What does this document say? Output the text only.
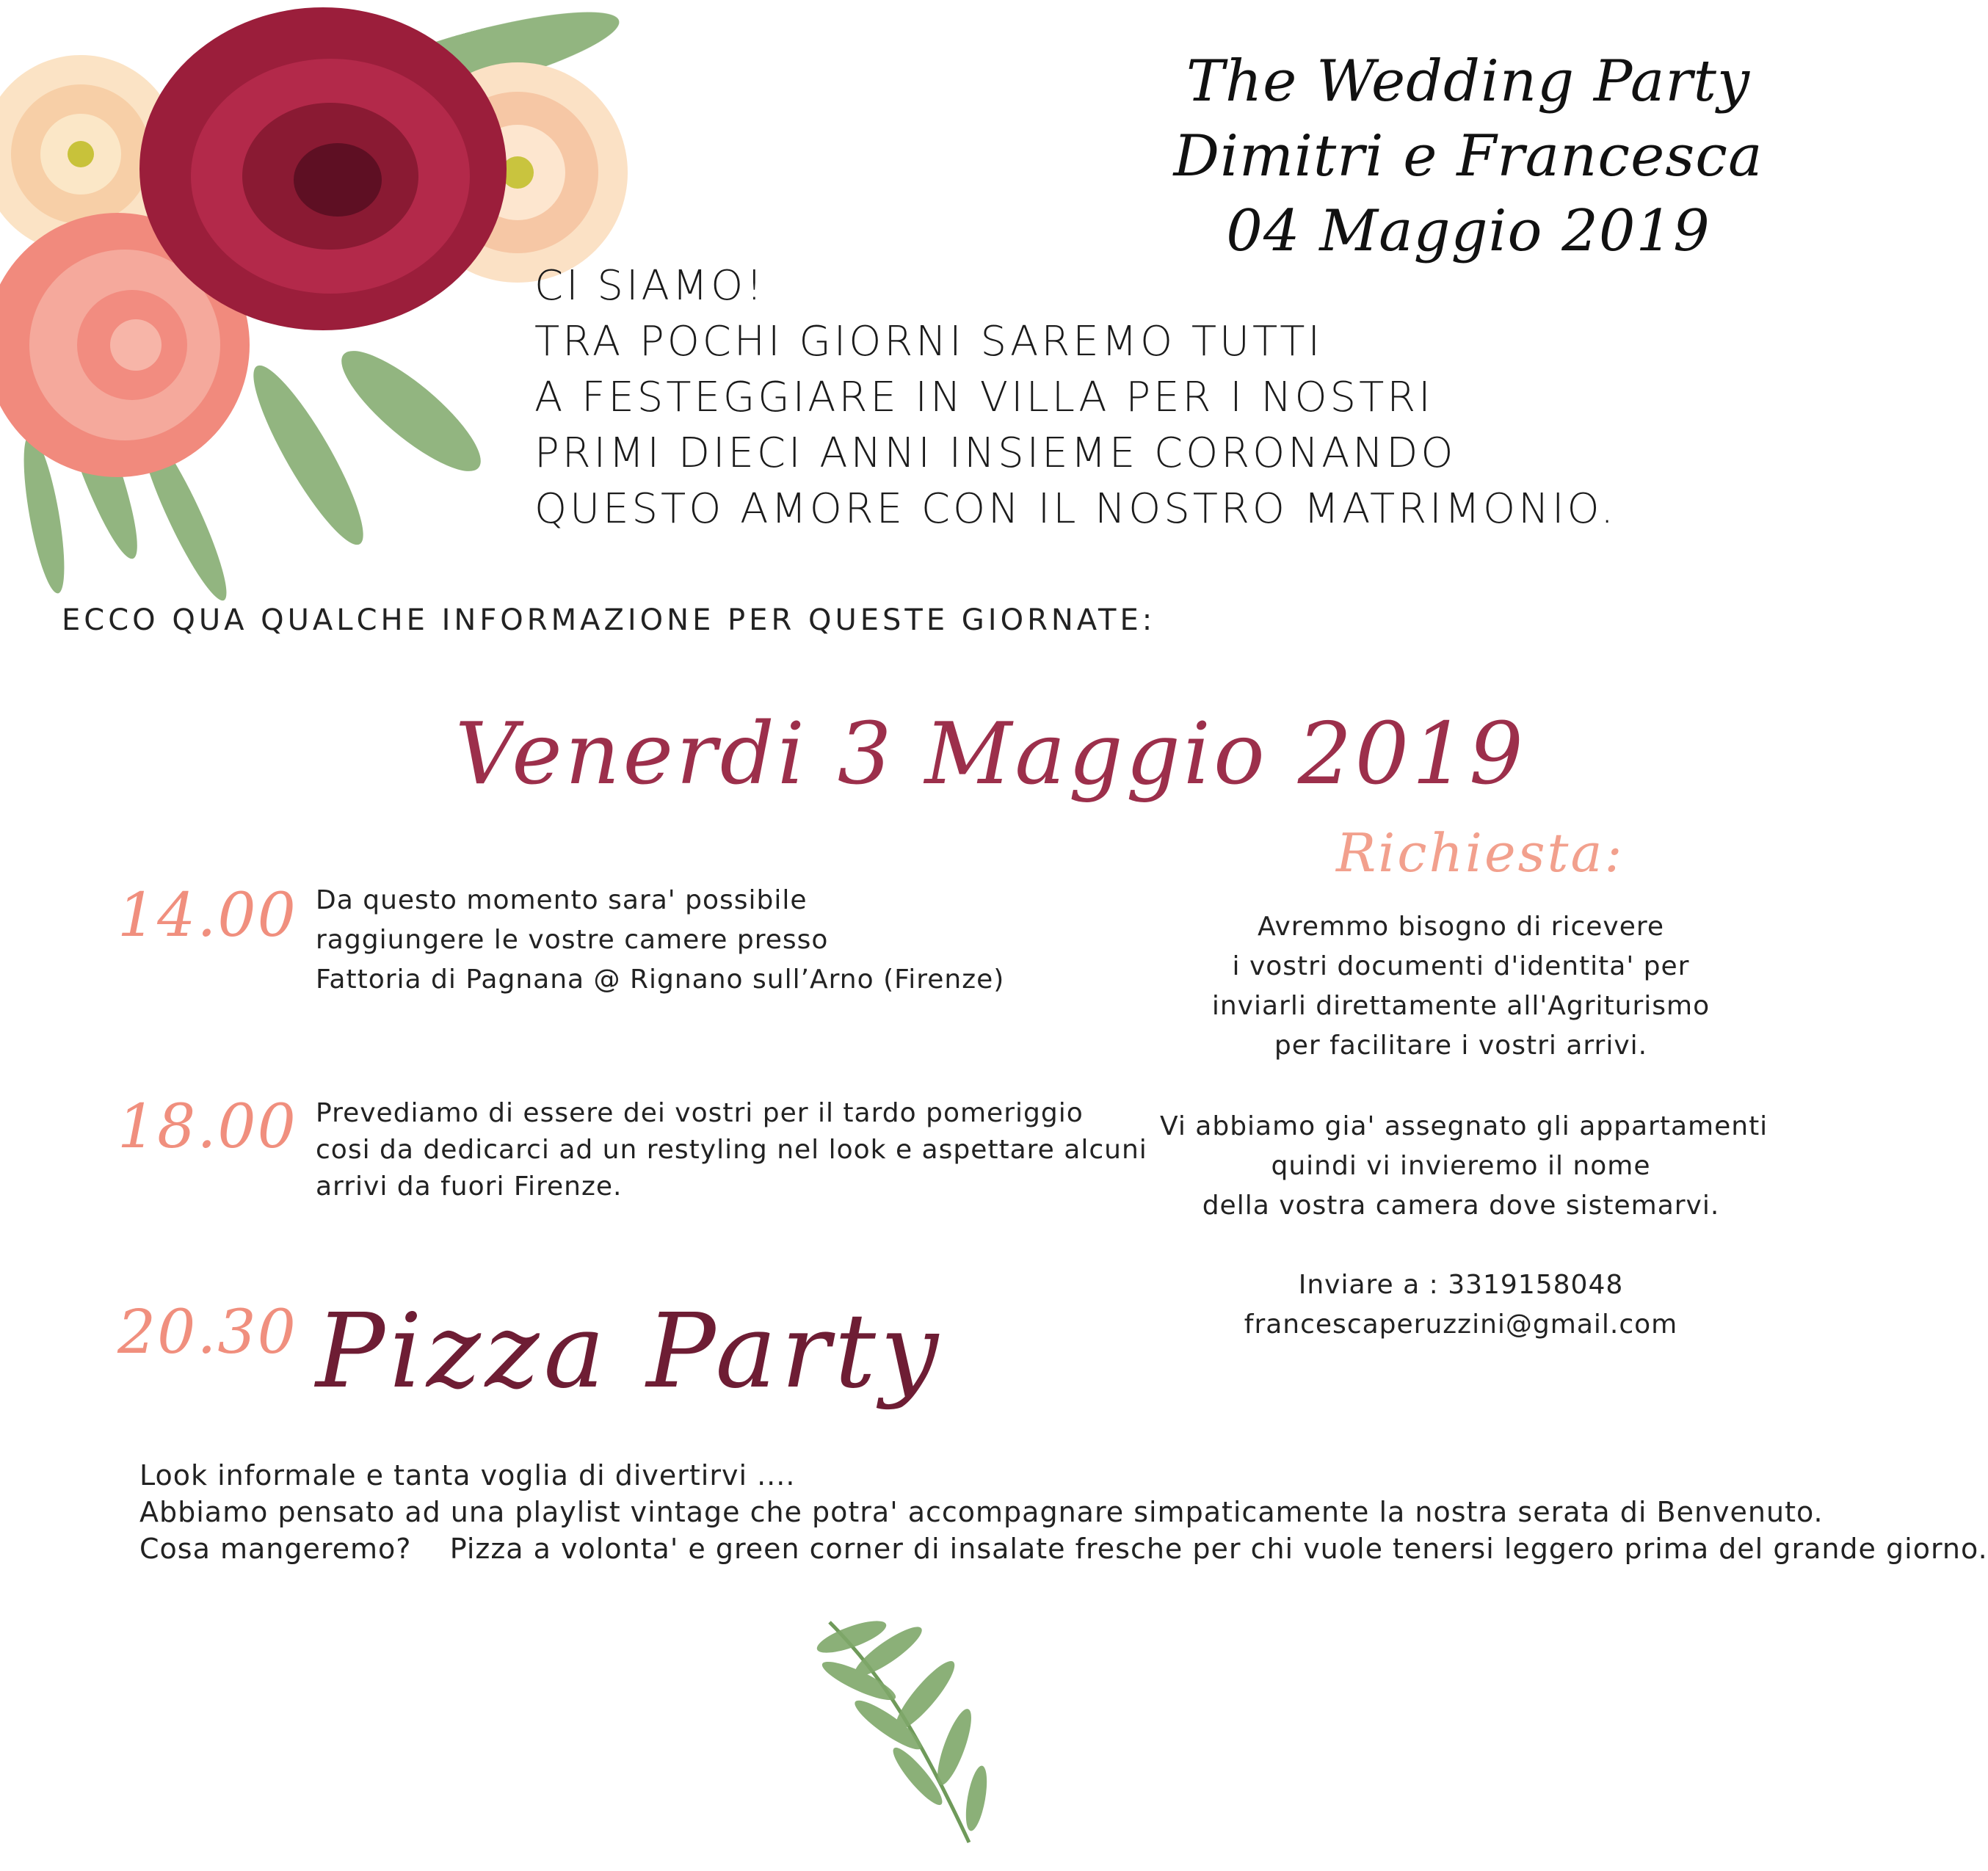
The Wedding Party
Dimitri e Francesca
04 Maggio 2019
CI SIAMO!
TRA POCHI GIORNI SAREMO TUTTI
A FESTEGGIARE IN VILLA PER I NOSTRI
PRIMI DIECI ANNI INSIEME CORONANDO
QUESTO AMORE CON IL NOSTRO MATRIMONIO.
ECCO QUA QUALCHE INFORMAZIONE PER QUESTE GIORNATE:
Venerdi 3 Maggio 2019
14.00 Da questo momento sara' possibile
raggiungere le vostre camere presso
Fattoria di Pagnana @ Rignano sull’Arno (Firenze)
18.00 Prevediamo di essere dei vostri per il tardo pomeriggio
cosi da dedicarci ad un restyling nel look e aspettare alcuni
arrivi da fuori Firenze.
20.30 Pizza Party
Richiesta:
Avremmo bisogno di ricevere
i vostri documenti d'identita' per
inviarli direttamente all'Agriturismo
per facilitare i vostri arrivi.
Vi abbiamo gia' assegnato gli appartamenti
quindi vi invieremo il nome
della vostra camera dove sistemarvi.
Inviare a : 3319158048
francescaperuzzini@gmail.com
Look informale e tanta voglia di divertirvi ....
Abbiamo pensato ad una playlist vintage che potra' accompagnare simpaticamente la nostra serata di Benvenuto.
Cosa mangeremo? Pizza a volonta' e green corner di insalate fresche per chi vuole tenersi leggero prima del grande giorno.
